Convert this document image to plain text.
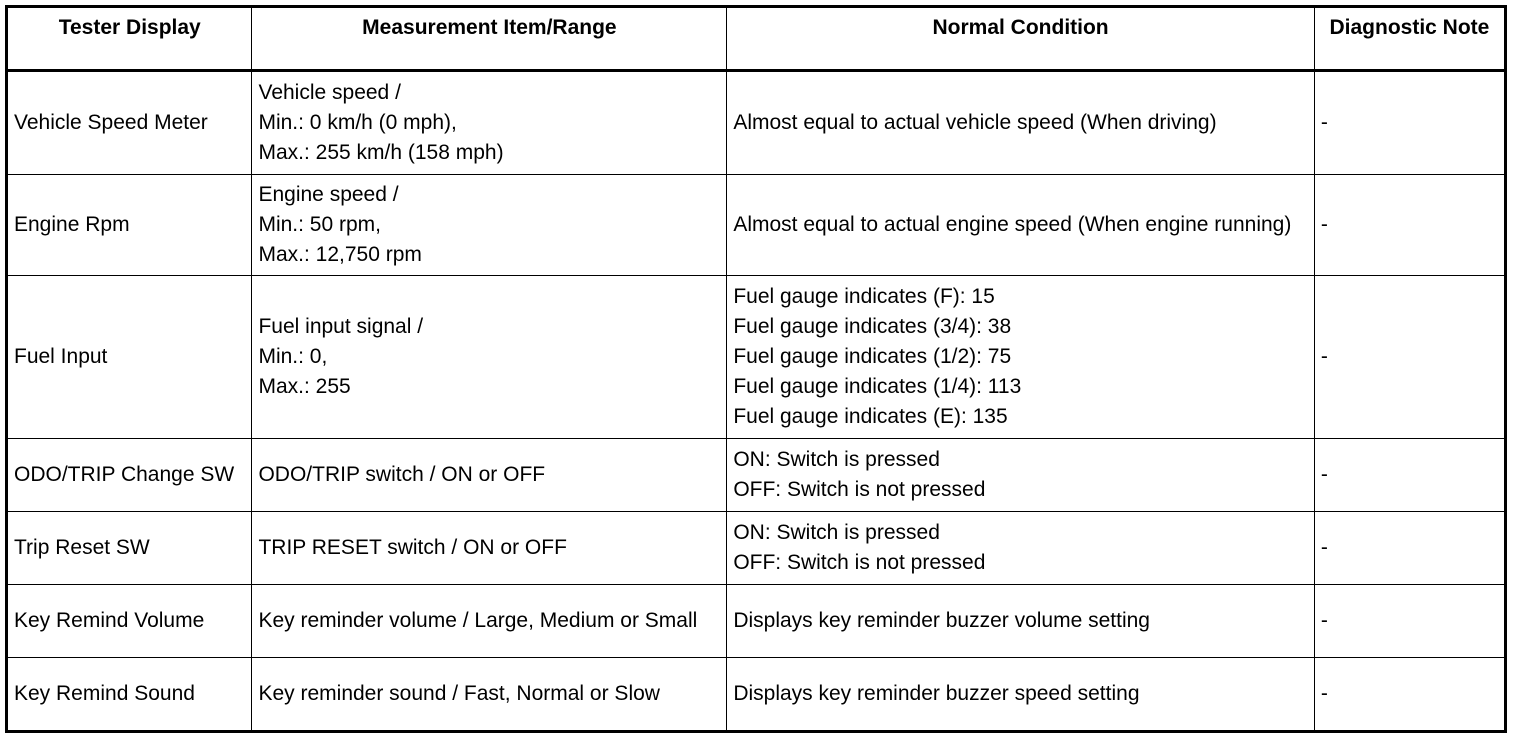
Tester Display	Measurement Item/Range	Normal Condition	Diagnostic Note
Vehicle Speed Meter	Vehicle speed /
Min.: 0 km/h (0 mph),
Max.: 255 km/h (158 mph)	Almost equal to actual vehicle speed (When driving)	-
Engine Rpm	Engine speed /
Min.: 50 rpm,
Max.: 12,750 rpm	Almost equal to actual engine speed (When engine running)	-
Fuel Input	Fuel input signal /
Min.: 0,
Max.: 255	Fuel gauge indicates (F): 15
Fuel gauge indicates (3/4): 38
Fuel gauge indicates (1/2): 75
Fuel gauge indicates (1/4): 113
Fuel gauge indicates (E): 135	-

ODO/TRIP Change SW	ODO/TRIP switch / ON or OFF	ON: Switch is pressed
OFF: Switch is not pressed	-
Trip Reset SW	TRIP RESET switch / ON or OFF	ON: Switch is pressed
OFF: Switch is not pressed	-
Key Remind Volume	Key reminder volume / Large, Medium or Small	Displays key reminder buzzer volume setting	-
Key Remind Sound	Key reminder sound / Fast, Normal or Slow	Displays key reminder buzzer speed setting	-
